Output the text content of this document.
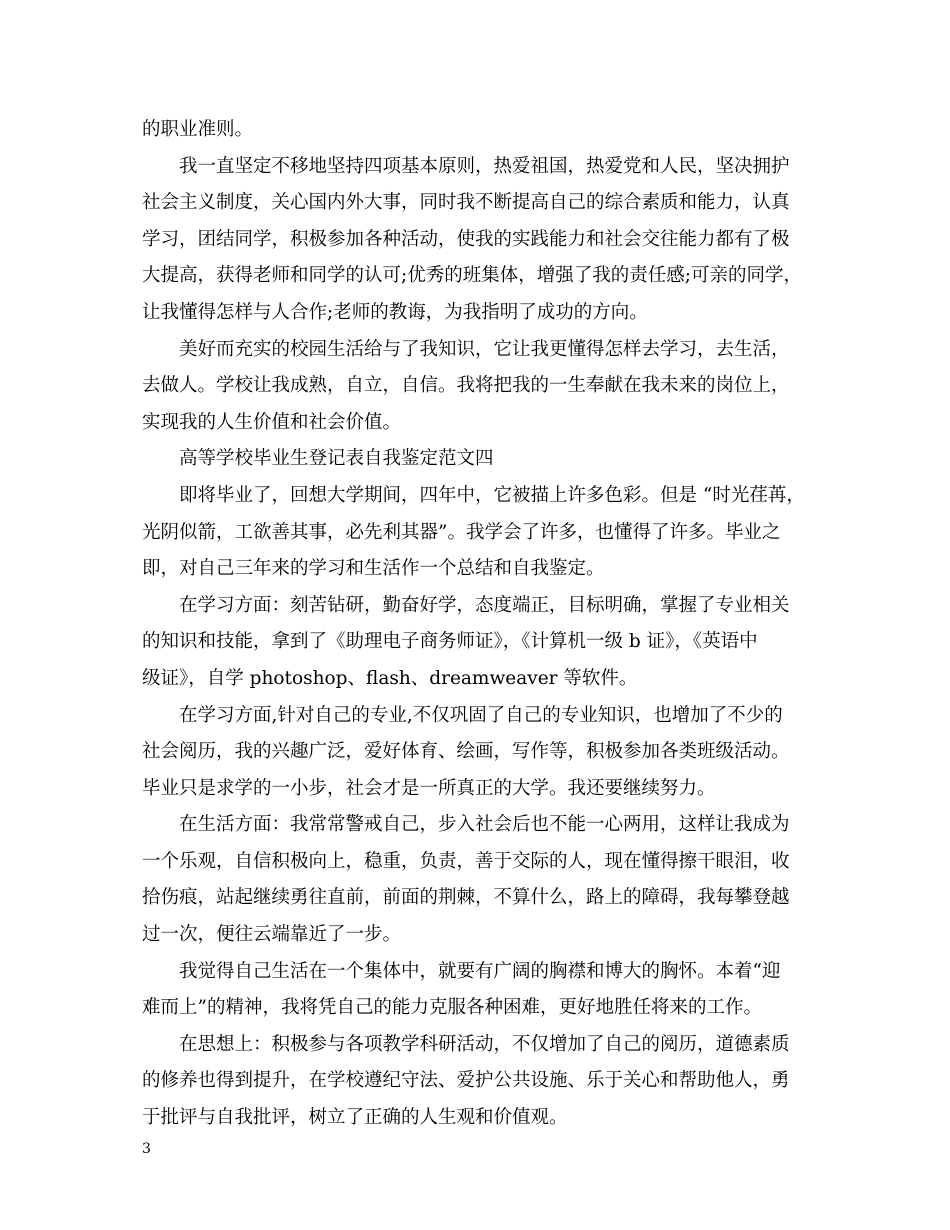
的职业准则。
我一直坚定不移地坚持四项基本原则，热爱祖国，热爱党和人民，坚决拥护
社会主义制度，关心国内外大事，同时我不断提高自己的综合素质和能力，认真
学习，团结同学，积极参加各种活动，使我的实践能力和社会交往能力都有了极
大提高，获得老师和同学的认可;优秀的班集体，增强了我的责任感;可亲的同学，
让我懂得怎样与人合作;老师的教诲，为我指明了成功的方向。
美好而充实的校园生活给与了我知识，它让我更懂得怎样去学习，去生活，
去做人。学校让我成熟，自立，自信。我将把我的一生奉献在我未来的岗位上，
实现我的人生价值和社会价值。
高等学校毕业生登记表自我鉴定范文四
即将毕业了，回想大学期间，四年中，它被描上许多色彩。但是 “时光荏苒，
光阴似箭，工欲善其事，必先利其器”。我学会了许多，也懂得了许多。毕业之
即，对自己三年来的学习和生活作一个总结和自我鉴定。
在学习方面：刻苦钻研，勤奋好学，态度端正，目标明确，掌握了专业相关
的知识和技能，拿到了《助理电子商务师证》，《计算机一级 b 证》，《英语中
级证》，自学 photoshop、flash、dreamweaver 等软件。
在学习方面,针对自己的专业,不仅巩固了自己的专业知识，也增加了不少的
社会阅历，我的兴趣广泛，爱好体育、绘画，写作等，积极参加各类班级活动。
毕业只是求学的一小步，社会才是一所真正的大学。我还要继续努力。
在生活方面：我常常警戒自己，步入社会后也不能一心两用，这样让我成为
一个乐观，自信积极向上，稳重，负责，善于交际的人，现在懂得擦干眼泪，收
拾伤痕，站起继续勇往直前，前面的荆棘，不算什么，路上的障碍，我每攀登越
过一次，便往云端靠近了一步。
我觉得自己生活在一个集体中，就要有广阔的胸襟和博大的胸怀。本着“迎
难而上”的精神，我将凭自己的能力克服各种困难，更好地胜任将来的工作。
在思想上：积极参与各项教学科研活动，不仅增加了自己的阅历，道德素质
的修养也得到提升，在学校遵纪守法、爱护公共设施、乐于关心和帮助他人，勇
于批评与自我批评，树立了正确的人生观和价值观。
3
